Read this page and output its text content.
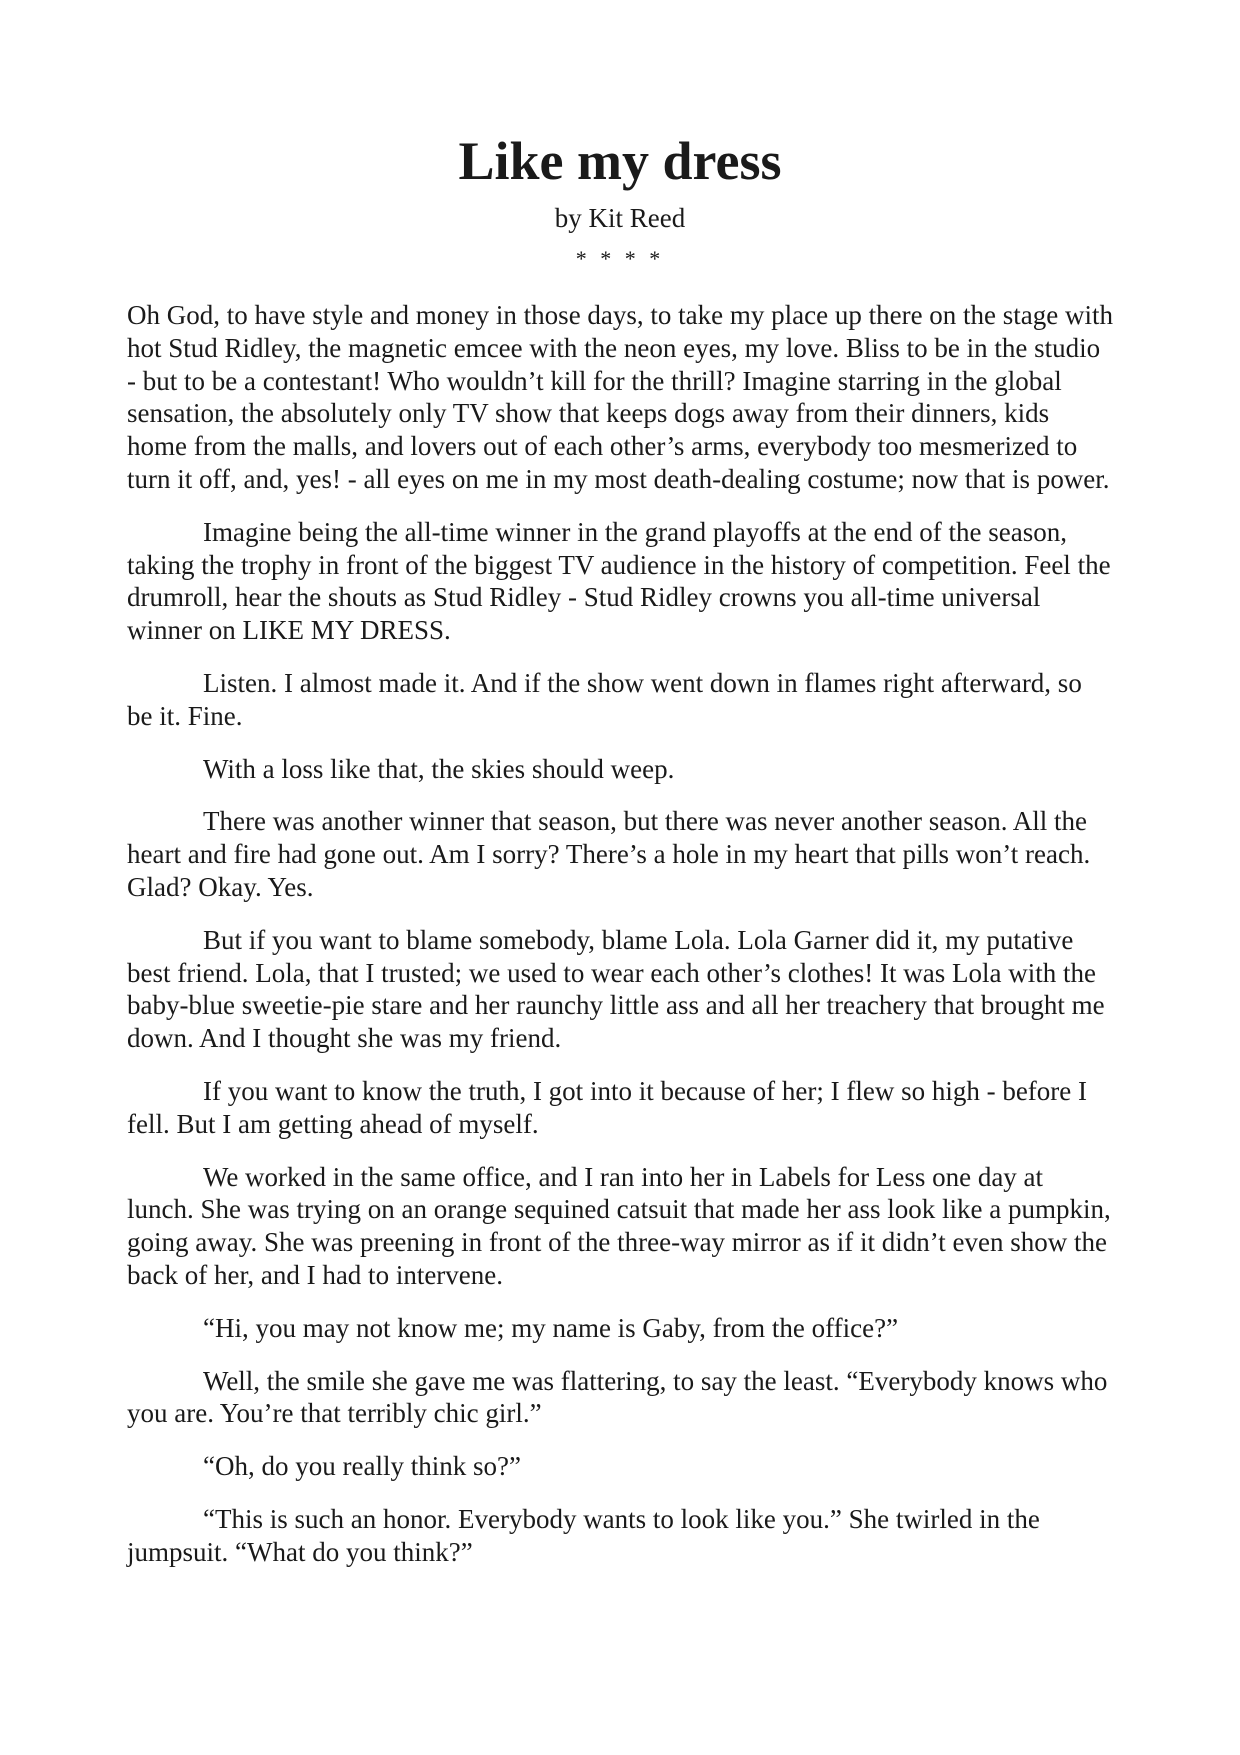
Like my dress
by Kit Reed
* * * *

Oh God, to have style and money in those days, to take my place up there on the stage with hot Stud Ridley, the magnetic emcee with the neon eyes, my love. Bliss to be in the studio - but to be a contestant! Who wouldn’t kill for the thrill? Imagine starring in the global sensation, the absolutely only TV show that keeps dogs away from their dinners, kids home from the malls, and lovers out of each other’s arms, everybody too mesmerized to turn it off, and, yes! - all eyes on me in my most death-dealing costume; now that is power.

Imagine being the all-time winner in the grand playoffs at the end of the season, taking the trophy in front of the biggest TV audience in the history of competition. Feel the drumroll, hear the shouts as Stud Ridley - Stud Ridley crowns you all-time universal winner on LIKE MY DRESS.

Listen. I almost made it. And if the show went down in flames right afterward, so be it. Fine.

With a loss like that, the skies should weep.

There was another winner that season, but there was never another season. All the heart and fire had gone out. Am I sorry? There’s a hole in my heart that pills won’t reach. Glad? Okay. Yes.

But if you want to blame somebody, blame Lola. Lola Garner did it, my putative best friend. Lola, that I trusted; we used to wear each other’s clothes! It was Lola with the baby-blue sweetie-pie stare and her raunchy little ass and all her treachery that brought me down. And I thought she was my friend.

If you want to know the truth, I got into it because of her; I flew so high - before I fell. But I am getting ahead of myself.

We worked in the same office, and I ran into her in Labels for Less one day at lunch. She was trying on an orange sequined catsuit that made her ass look like a pumpkin, going away. She was preening in front of the three-way mirror as if it didn’t even show the back of her, and I had to intervene.

“Hi, you may not know me; my name is Gaby, from the office?”

Well, the smile she gave me was flattering, to say the least. “Everybody knows who you are. You’re that terribly chic girl.”

“Oh, do you really think so?”

“This is such an honor. Everybody wants to look like you.” She twirled in the jumpsuit. “What do you think?”
